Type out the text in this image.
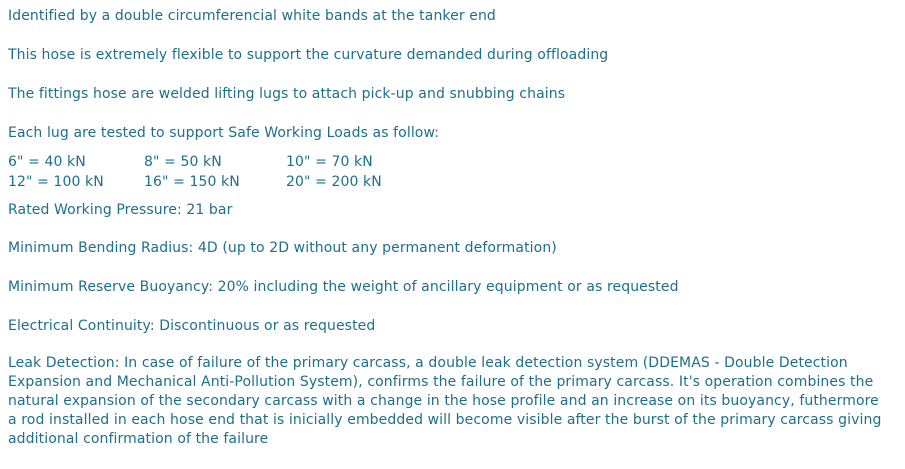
Identified by a double circumferencial white bands at the tanker end

This hose is extremely flexible to support the curvature demanded during offloading

The fittings hose are welded lifting lugs to attach pick-up and snubbing chains

Each lug are tested to support Safe Working Loads as follow:

6" = 40 kN	8" = 50 kN	10" = 70 kN
12" = 100 kN	16" = 150 kN	20" = 200 kN

Rated Working Pressure: 21 bar

Minimum Bending Radius: 4D (up to 2D without any permanent deformation)

Minimum Reserve Buoyancy: 20% including the weight of ancillary equipment or as requested

Electrical Continuity: Discontinuous or as requested

Leak Detection: In case of failure of the primary carcass, a double leak detection system (DDEMAS - Double Detection Expansion and Mechanical Anti-Pollution System), confirms the failure of the primary carcass. It's operation combines the natural expansion of the secondary carcass with a change in the hose profile and an increase on its buoyancy, futhermore a rod installed in each hose end that is inicially embedded will become visible after the burst of the primary carcass giving additional confirmation of the failure
